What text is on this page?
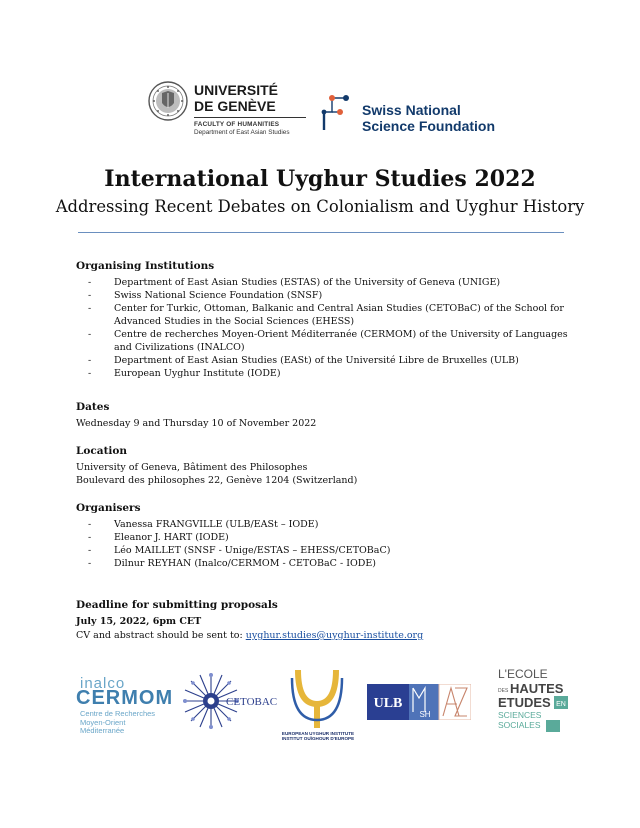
UNIVERSITÉ
DE GENÈVE
FACULTY OF HUMANITIES
Department of East Asian Studies
Swiss National
Science Foundation
International Uyghur Studies 2022
Addressing Recent Debates on Colonialism and Uyghur History
Organising Institutions
- Department of East Asian Studies (ESTAS) of the University of Geneva (UNIGE)
- Swiss National Science Foundation (SNSF)
- Center for Turkic, Ottoman, Balkanic and Central Asian Studies (CETOBaC) of the School for Advanced Studies in the Social Sciences (EHESS)
- Centre de recherches Moyen-Orient Méditerranée (CERMOM) of the University of Languages and Civilizations (INALCO)
- Department of East Asian Studies (EASt) of the Université Libre de Bruxelles (ULB)
- European Uyghur Institute (IODE)
Dates
Wednesday 9 and Thursday 10 of November 2022
Location
University of Geneva, Bâtiment des Philosophes
Boulevard des philosophes 22, Genève 1204 (Switzerland)
Organisers
- Vanessa FRANGVILLE (ULB/EASt – IODE)
- Eleanor J. HART (IODE)
- Léo MAILLET (SNSF - Unige/ESTAS – EHESS/CETOBaC)
- Dilnur REYHAN (Inalco/CERMOM - CETOBaC - IODE)
Deadline for submitting proposals
July 15, 2022, 6pm CET
CV and abstract should be sent to: uyghur.studies@uyghur-institute.org
inalco
CERMOM
Centre de Recherches
Moyen-Orient
Méditerranée
CETOBAC
EUROPEAN UYGHUR INSTITUTE
INSTITUT OUÏGHOUR D'EUROPE
ULB
SH
L'ECOLE
DES HAUTES
ETUDES EN
SCIENCES
SOCIALES
